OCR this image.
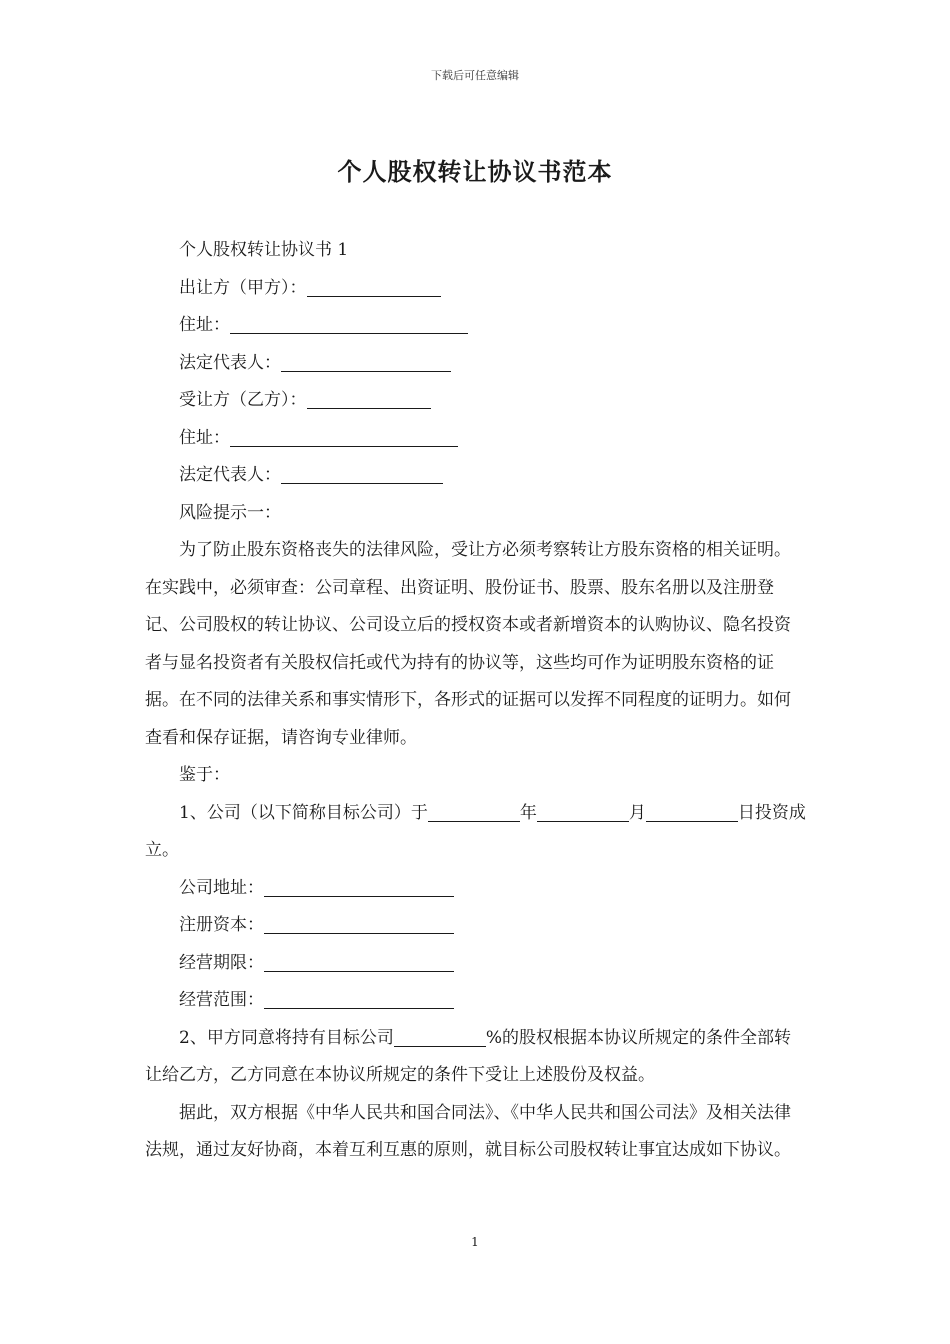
下载后可任意编辑
个人股权转让协议书范本

个人股权转让协议书 1

出让方（甲方）：

住址：

法定代表人：

受让方（乙方）：

住址：

法定代表人：

风险提示一：

为了防止股东资格丧失的法律风险，受让方必须考察转让方股东资格的相关证明。在实践中，必须审查：公司章程、出资证明、股份证书、股票、股东名册以及注册登记、公司股权的转让协议、公司设立后的授权资本或者新增资本的认购协议、隐名投资者与显名投资者有关股权信托或代为持有的协议等，这些均可作为证明股东资格的证据。在不同的法律关系和事实情形下，各形式的证据可以发挥不同程度的证明力。如何查看和保存证据，请咨询专业律师。

鉴于：

1、公司（以下简称目标公司）于	年	月	日投资成立。

公司地址：

注册资本：

经营期限：

经营范围：

2、甲方同意将持有目标公司	%的股权根据本协议所规定的条件全部转让给乙方，乙方同意在本协议所规定的条件下受让上述股份及权益。

据此，双方根据《中华人民共和国合同法》、《中华人民共和国公司法》及相关法律法规，通过友好协商，本着互利互惠的原则，就目标公司股权转让事宜达成如下协议。

1
